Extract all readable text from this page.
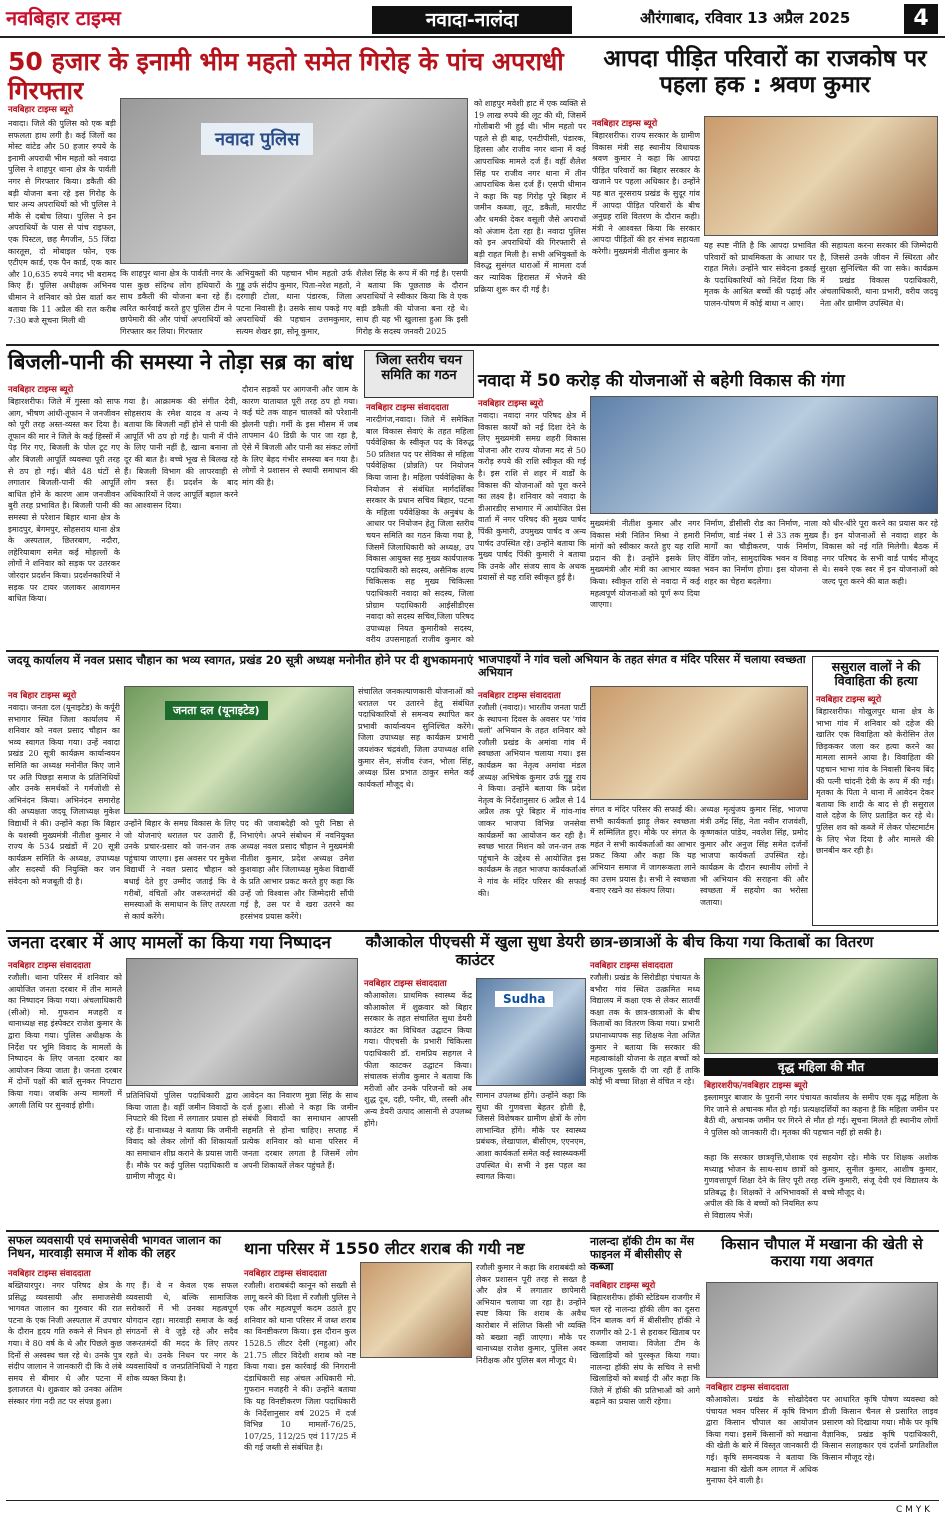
नवबिहार टाइम्स	नवादा-नालंदा	औरंगाबाद, रविवार 13 अप्रैल 2025	4
50 हजार के इनामी भीम महतो समेत गिरोह के पांच अपराधी गिरफ्तार
नवबिहार टाइम्स ब्यूरो
नवादा। जिले की पुलिस को एक बड़ी सफलता हाथ लगी है। कई जिलों का मोस्ट वांटेड और 50 हजार रुपये के इनामी अपराधी भीम महतो को नवादा पुलिस ने शाहपुर थाना क्षेत्र के पार्वती नगर से गिरफ्तार किया। डकैती की बड़ी योजना बना रहे इस गिरोह के चार अन्य अपराधियों को भी पुलिस ने मौके से दबोच लिया। पुलिस ने इन अपराधियों के पास से पांच राइफल, एक पिस्टल, छह मैगजीन, 55 जिंदा कारतूस, दो मोबाइल फोन, एक एटीएम कार्ड, एक पैन कार्ड, एक कार और 10,635 रुपये नगद भी बरामद किए हैं। पुलिस अधीक्षक अभिनव धीमान ने शनिवार को प्रेस वार्ता कर बताया कि 11 अप्रैल की रात करीब 7:30 बजे सूचना मिली थी
नवादा पुलिस
कि शाहपुर थाना क्षेत्र के पार्वती नगर के पास कुछ संदिग्ध लोग हथियारों के साथ डकैती की योजना बना रहे हैं। त्वरित कार्रवाई करते हुए पुलिस टीम ने छापेमारी की और पांचों अपराधियों को गिरफ्तार कर लिया। गिरफ्तार
अभियुक्तों की पहचान भीम महतो उर्फ गुड्डू उर्फ संदीप कुमार, पिता-नरेश महतो, दरगाही टोला, थाना पंडारक, जिला पटना निवासी है। उसके साथ पकड़े गए अपराधियों की पहचान उत्तमकुमार, सत्यम शेखर झा, सोनू कुमार,
शैलेश सिंह के रूप में की गई है। एसपी ने बताया कि पूछताछ के दौरान अपराधियों ने स्वीकार किया कि वे एक बड़ी डकैती की योजना बना रहे थे। साथ ही यह भी खुलासा हुआ कि इसी गिरोह के सदस्य जनवरी 2025
को शाहपुर मवेशी हाट में एक व्यक्ति से 19 लाख रुपये की लूट की थी, जिसमें गोलीबारी भी हुई थी। भीम महतो पर पहले से ही बाढ़, एनटीपीसी, पंडारक, हिलसा और राजीव नगर थाना में कई आपराधिक मामले दर्ज हैं। वहीं शैलेश सिंह पर राजीव नगर थाना में तीन आपराधिक केस दर्ज हैं। एसपी धीमान ने कहा कि यह गिरोह पूरे बिहार में जमीन कब्जा, लूट, डकैती, मारपीट और धमकी देकर वसूली जैसे अपराधों को अंजाम देता रहा है। नवादा पुलिस को इन अपराधियों की गिरफ्तारी से बड़ी राहत मिली है। सभी अभियुक्तों के विरुद्ध सुसंगत धाराओं में मामला दर्ज कर न्यायिक हिरासत में भेजने की प्रक्रिया शुरू कर दी गई है।
आपदा पीड़ित परिवारों का राजकोष पर पहला हक : श्रवण कुमार
नवबिहार टाइम्स ब्यूरो
बिहारशरीफ। राज्य सरकार के ग्रामीण विकास मंत्री सह स्थानीय विधायक श्रवण कुमार ने कहा कि आपदा पीड़ित परिवारों का बिहार सरकार के खजाने पर पहला अधिकार है। उन्होंने यह बात नूरसराय प्रखंड के सुदूर गांव में आपदा पीड़ित परिवारों के बीच अनुग्रह राशि वितरण के दौरान कही। मंत्री ने आश्वस्त किया कि सरकार आपदा पीड़ितों की हर संभव सहायता करेगी। मुख्यमंत्री नीतीश कुमार के
यह स्पष्ट नीति है कि आपदा प्रभावित परिवारों को प्राथमिकता के आधार पर राहत मिले। उन्होंने चार संवेदना इकाई के पदाधिकारियों को निर्देश दिया कि मृतक के आश्रित बच्चों की पढ़ाई और पालन-पोषण में कोई बाधा न आए।
की सहायता करना सरकार की जिम्मेदारी है, जिससे उनके जीवन में स्थिरता और सुरक्षा सुनिश्चित की जा सके। कार्यक्रम में प्रखंड विकास पदाधिकारी, अंचलाधिकारी, थाना प्रभारी, वरीय जदयू नेता और ग्रामीण उपस्थित थे।
बिजली-पानी की समस्या ने तोड़ा सब्र का बांध
नवबिहार टाइम्स ब्यूरो
बिहारशरीफ। जिले में गुस्सा को साफ आग, भीषण आंधी-तूफान ने जनजीवन को पूरी तरह अस्त-व्यस्त कर दिया है। तूफान की मार ने जिले के कई हिस्सों में पेड़ गिर गए, बिजली के पोल टूट गए और बिजली आपूर्ति व्यवस्था पूरी तरह से ठप हो गई। बीते 48 घंटों से लगातार बिजली-पानी की आपूर्ति बाधित होने के कारण आम जनजीवन बुरी तरह प्रभावित है। बिजली पानी की समस्या से परेशान बिहार थाना क्षेत्र के इमादपुर, बेगमपुर, सोहसराय थाना क्षेत्र के अस्पताल, छितरबाग, नदौरा, लहेरियाबाग समेत कई मोहल्लों के लोगों ने शनिवार को सड़क पर उतरकर जोरदार प्रदर्शन किया। प्रदर्शनकारियों ने सड़क पर टायर जलाकर आवागमन बाधित किया।
गया है। आक्रामक की संगीत देवी, सोहसराय के रमेश यादव व अन्य ने बताया कि बिजली नहीं होने से पानी की आपूर्ति भी ठप हो गई है। पानी में पीने के लिए पानी नहीं है, खाना बनाना तो दूर की बात है। बच्चे भूख से बिलख रहे हैं। बिजली विभाग की लापरवाही से लोग त्रस्त हैं। प्रदर्शन के बाद अधिकारियों ने जल्द आपूर्ति बहाल करने का आश्वासन दिया।
दौरान सड़कों पर आगजनी और जाम के कारण यातायात पूरी तरह ठप हो गया। कई घंटे तक वाहन चालकों को परेशानी झेलनी पड़ी। गर्मी के इस मौसम में जब तापमान 40 डिग्री के पार जा रहा है, ऐसे में बिजली और पानी का संकट लोगों के लिए बेहद गंभीर समस्या बन गया है। लोगों ने प्रशासन से स्थायी समाधान की मांग की है।
जिला स्तरीय चयन समिति का गठन
नवबिहार टाइम्स संवाददाता
नारदीगंज,नवादा। जिले में समेकित बाल विकास सेवाएं के तहत महिला पर्यवेक्षिका के स्वीकृत पद के विरुद्ध 50 प्रतिशत पद पर सेविका से महिला पर्यवेक्षिका (प्रोन्नति) पर नियोजन किया जाना है। महिला पर्यवेक्षिका के नियोजन से संबंधित मार्गदर्शिका सरकार के प्रधान सचिव बिहार, पटना के महिला पर्यवेक्षिका के अनुबंध के आधार पर नियोजन हेतु जिला स्तरीय चयन समिति का गठन किया गया है, जिसमें जिलाधिकारी को अध्यक्ष, उप विकास आयुक्त सह मुख्य कार्यपालक पदाधिकारी को सदस्य, असैनिक शल्य चिकित्सक सह मुख्य चिकित्सा पदाधिकारी नवादा को सदस्य, जिला प्रोग्राम पदाधिकारी आईसीडीएस नवादा को सदस्य सचिव,जिला परिषद उपाध्यक्ष नियत कुमारीको सदस्य, वरीय उपसमाहर्ता राजीव कुमार को
नवादा में 50 करोड़ की योजनाओं से बहेगी विकास की गंगा
नवबिहार टाइम्स ब्यूरो
नवादा। नवादा नगर परिषद क्षेत्र में विकास कार्यों को नई दिशा देने के लिए मुख्यमंत्री समग्र शहरी विकास योजना और राज्य योजना मद से 50 करोड़ रुपये की राशि स्वीकृत की गई है। इस राशि से शहर में वार्डों के विकास की योजनाओं को पूरा करने का लक्ष्य है। शनिवार को नवादा के डीआरडीए सभागार में आयोजित प्रेस वार्ता में नगर परिषद की मुख्य पार्षद पिंकी कुमारी, उपमुख्य पार्षद व अन्य पार्षद उपस्थित रहे। उन्होंने बताया कि मुख्य पार्षद पिंकी कुमारी ने बताया कि उनके और संजय साव के अथक प्रयासों से यह राशि स्वीकृत हुई है।
मुख्यमंत्री नीतीश कुमार और नगर विकास मंत्री नितिन मिश्रा ने हमारी मांगों को स्वीकार करते हुए यह राशि प्रदान की है। उन्होंने इसके लिए मुख्यमंत्री और मंत्री का आभार व्यक्त किया। स्वीकृत राशि से नवादा में कई महत्वपूर्ण योजनाओं को पूर्ण रूप दिया जाएगा।
निर्माण, डीसीसी रोड का निर्माण, नाला निर्माण, वार्ड नंबर 1 से 33 तक मुख्य मार्गों का चौड़ीकरण, पार्क निर्माण, वेंडिंग जोन, सामुदायिक भवन व विवाह भवन का निर्माण होगा। इस योजना से शहर का चेहरा बदलेगा।
को धीर-धीरे पूरा करने का प्रयास कर रहे हैं। इन योजनाओं से नवादा शहर के विकास को नई गति मिलेगी। बैठक में नगर परिषद के सभी वार्ड पार्षद मौजूद थे। सबने एक स्वर में इन योजनाओं को जल्द पूरा करने की बात कही।
जदयू कार्यालय में नवल प्रसाद चौहान का भव्य स्वागत, प्रखंड 20 सूत्री अध्यक्ष मनोनीत होने पर दी शुभकामनाएं
नव बिहार टाइम्स ब्यूरो
नवादा। जनता दल (यूनाइटेड) के कर्पूरी सभागार स्थित जिला कार्यालय में शनिवार को नवल प्रसाद चौहान का भव्य स्वागत किया गया। उन्हें नवादा प्रखंड 20 सूत्री कार्यक्रम कार्यान्वयन समिति का अध्यक्ष मनोनीत किए जाने पर अति पिछड़ा समाज के प्रतिनिधियों और उनके समर्थकों ने गर्मजोशी से अभिनंदन किया। अभिनंदन समारोह की अध्यक्षता जदयू जिलाध्यक्ष मुकेश विद्यार्थी ने की। उन्होंने कहा कि बिहार के यशस्वी मुख्यमंत्री नीतीश कुमार ने राज्य के 534 प्रखंडों में 20 सूत्री कार्यक्रम समिति के अध्यक्ष, उपाध्यक्ष और सदस्यों की नियुक्ति कर जन संवेदना को मजबूती दी है।
जनता दल (यूनाइटेड)
उन्होंने बिहार के समग्र विकास के लिए जो योजनाएं धरातल पर उतारी हैं, उनके प्रचार-प्रसार को जन-जन तक पहुंचाया जाएगा। इस अवसर पर मुकेश विद्यार्थी ने नवल प्रसाद चौहान को बधाई देते हुए उम्मीद जताई कि वे गरीबों, वंचितों और जरूरतमंदों की समस्याओं के समाधान के लिए तत्परता से कार्य करेंगे।
पद की जवाबदेही को पूरी निष्ठा से निभाएंगे। अपने संबोधन में नवनियुक्त अध्यक्ष नवल प्रसाद चौहान ने मुख्यमंत्री नीतीश कुमार, प्रदेश अध्यक्ष उमेश कुशवाहा और जिलाध्यक्ष मुकेश विद्यार्थी के प्रति आभार प्रकट करते हुए कहा कि उन्हें जो विश्वास और जिम्मेदारी सौंपी गई है, उस पर वे खरा उतरने का हरसंभव प्रयास करेंगे।
संचालित जनकल्याणकारी योजनाओं को धरातल पर उतारने हेतु संबंधित पदाधिकारियों से समन्वय स्थापित कर प्रभावी कार्यान्वयन सुनिश्चित करेंगे। जिला उपाध्यक्ष सह कार्यक्रम प्रभारी जयशंकर चंद्रवंशी, जिला उपाध्यक्ष शशि कुमार सेन, संजीव रंजन, भोला सिंह, अध्यक्ष प्रिंस प्रभात ठाकुर समेत कई कार्यकर्ता मौजूद थे।
भाजपाइयों ने गांव चलो अभियान के तहत संगत व मंदिर परिसर में चलाया स्वच्छता अभियान
नवबिहार टाइम्स संवाददाता
रजौली (नवादा)। भारतीय जनता पार्टी के स्थापना दिवस के अवसर पर 'गांव चलो' अभियान के तहत शनिवार को रजौली प्रखंड के अमांवा गांव में स्वच्छता अभियान चलाया गया। इस कार्यक्रम का नेतृत्व अमांवा मंडल अध्यक्ष अभिषेक कुमार उर्फ गुड्डू राय ने किया। उन्होंने बताया कि प्रदेश नेतृत्व के निर्देशानुसार 6 अप्रैल से 14 अप्रैल तक पूरे बिहार में गांव-गांव जाकर भाजपा विभिन्न जनसेवा कार्यक्रमों का आयोजन कर रही है। स्वच्छ भारत मिशन को जन-जन तक पहुंचाने के उद्देश्य से आयोजित इस कार्यक्रम के तहत भाजपा कार्यकर्ताओं ने गांव के मंदिर परिसर की सफाई की।
संगत व मंदिर परिसर की सफाई की। सभी कार्यकर्ता झाड़ू लेकर स्वच्छता में सम्मिलित हुए। मौके पर संगत के महंत ने सभी कार्यकर्ताओं का आभार प्रकट किया और कहा कि यह अभियान समाज में जागरूकता लाने का उत्तम प्रयास है। सभी ने स्वच्छता बनाए रखने का संकल्प लिया।
अध्यक्ष मृत्युंजय कुमार सिंह, भाजपा मंत्री उमेंद्र सिंह, नेता नवीन राजवंशी, कृष्णकांत पांडेय, नवलेश सिंह, प्रमोद कुमार और अनुज सिंह समेत दर्जनों भाजपा कार्यकर्ता उपस्थित रहे। कार्यक्रम के दौरान स्थानीय लोगों ने भी अभियान की सराहना की और स्वच्छता में सहयोग का भरोसा जताया।
ससुराल वालों ने की विवाहिता की हत्या
नवबिहार टाइम्स ब्यूरो
बिहारशरीफ। गोखुलपुर थाना क्षेत्र के भाभा गांव में शनिवार को दहेज की खातिर एक विवाहिता को केरोसिन तेल छिड़ककर जला कर हत्या करने का मामला सामने आया है। विवाहिता की पहचान भाभा गांव के निवासी बिनय बिंद की पत्नी चांदनी देवी के रूप में की गई। मृतका के पिता ने थाना में आवेदन देकर बताया कि शादी के बाद से ही ससुराल वाले दहेज के लिए प्रताड़ित कर रहे थे। पुलिस शव को कब्जे में लेकर पोस्टमार्टम के लिए भेज दिया है और मामले की छानबीन कर रही है।
जनता दरबार में आए मामलों का किया गया निष्पादन
नवबिहार टाइम्स संवाददाता
रजौली। थाना परिसर में शनिवार को आयोजित जनता दरबार में तीन मामले का निष्पादन किया गया। अंचलाधिकारी (सीओ) मो. गुफरान मजहरी व थानाध्यक्ष सह इंस्पेक्टर राजेश कुमार के द्वारा किया गया। पुलिस अधीक्षक के निर्देश पर भूमि विवाद के मामलों के निष्पादन के लिए जनता दरबार का आयोजन किया जाता है। जनता दरबार में दोनों पक्षों की बातें सुनकर निपटारा किया गया। जबकि अन्य मामलों में अगली तिथि पर सुनवाई होगी।
प्रतिनिधियों पुलिस पदाधिकारी द्वारा किया जाता है। वहीं जमीन विवादों के निपटारे की दिशा में लगातार प्रयास हो रहे हैं। थानाध्यक्ष ने बताया कि जमीनी विवाद को लेकर लोगों की शिकायतों का समाधान शीघ्र कराने के प्रयास जारी हैं। मौके पर कई पुलिस पदाधिकारी व ग्रामीण मौजूद थे।
आवेदन का निवारण मुन्ना सिंह के साथ दर्ज हुआ। सीओ ने कहा कि जमीन संबंधी विवादों का समाधान आपसी सहमति से होना चाहिए। सप्ताह में प्रत्येक शनिवार को थाना परिसर में जनता दरबार लगता है जिसमें लोग अपनी शिकायतें लेकर पहुंचते हैं।
कौआकोल पीएचसी में खुला सुधा डेयरी काउंटर
नवबिहार टाइम्स संवाददाता
कौआकोल। प्राथमिक स्वास्थ्य केंद्र कौआकोल में शुक्रवार को बिहार सरकार के तहत संचालित सुधा डेयरी काउंटर का विधिवत उद्घाटन किया गया। पीएचसी के प्रभारी चिकित्सा पदाधिकारी डॉ. रामप्रिय सहगल ने फीता काटकर उद्घाटन किया। संचालक संजीव कुमार ने बताया कि मरीजों और उनके परिजनों को अब शुद्ध दूध, दही, पनीर, घी, लस्सी और अन्य डेयरी उत्पाद आसानी से उपलब्ध होंगे।
Sudha
सामान उपलब्ध होंगे। उन्होंने कहा कि सुधा की गुणवत्ता बेहतर होती है, जिससे विशेषकर ग्रामीण क्षेत्रों के लोग लाभान्वित होंगे। मौके पर स्वास्थ्य प्रबंधक, लेखापाल, बीसीएम, एएनएम, आशा कार्यकर्ता समेत कई स्वास्थ्यकर्मी उपस्थित थे। सभी ने इस पहल का स्वागत किया।
छात्र-छात्राओं के बीच किया गया किताबों का वितरण
नवबिहार टाइम्स संवाददाता
रजौली। प्रखंड के सिरोडीहा पंचायत के बभौरा गांव स्थित उत्क्रमित मध्य विद्यालय में कक्षा एक से लेकर सातवीं कक्षा तक के छात्र-छात्राओं के बीच किताबों का वितरण किया गया। प्रभारी प्रधानाध्यापक सह शिक्षक नेता अजित कुमार ने बताया कि सरकार की महत्वाकांक्षी योजना के तहत बच्चों को निःशुल्क पुस्तकें दी जा रही हैं ताकि कोई भी बच्चा शिक्षा से वंचित न रहे।
वृद्ध महिला की मौत
बिहारशरीफ/नवबिहार टाइम्स ब्यूरो
इस्लामपुर बाजार के पुरानी नगर पंचायत कार्यालय के समीप एक वृद्ध महिला के गिर जाने से अचानक मौत हो गई। प्रत्यक्षदर्शियों का कहना है कि महिला जमीन पर बैठी थी, अचानक जमीन पर गिरने से मौत हो गई। सूचना मिलते ही स्थानीय लोगों ने पुलिस को जानकारी दी। मृतका की पहचान नहीं हो सकी है।
कहा कि सरकार छात्रवृत्ति,पोशाक एवं मध्याह्न भोजन के साथ-साथ छात्रों को गुणवत्तापूर्ण शिक्षा देने के लिए पूरी तरह प्रतिबद्ध है। शिक्षकों ने अभिभावकों से अपील की कि वे बच्चों को नियमित रूप से विद्यालय भेजें।
सहयोग रहे। मौके पर शिक्षक अशोक कुमार, सुनील कुमार, आशीष कुमार, रश्मि कुमारी, संजू देवी एवं विद्यालय के बच्चे मौजूद थे।
सफल व्यवसायी एवं समाजसेवी भागवत जालान का निधन, मारवाड़ी समाज में शोक की लहर
नवबिहार टाइम्स संवाददाता
बख्तियारपुर। नगर परिषद क्षेत्र के प्रसिद्ध व्यवसायी और समाजसेवी भागवत जालान का गुरुवार की रात पटना के एक निजी अस्पताल में उपचार के दौरान हृदय गति रुकने से निधन हो गया। वे 80 वर्ष के थे और पिछले कुछ दिनों से अस्वस्थ चल रहे थे। उनके पुत्र संदीप जालान ने जानकारी दी कि वे लंबे समय से बीमार थे और पटना में इलाजरत थे। शुक्रवार को उनका अंतिम संस्कार गंगा नदी तट पर संपन्न हुआ।
गए हैं। वे न केवल एक सफल व्यवसायी थे, बल्कि सामाजिक सरोकारों में भी उनका महत्वपूर्ण योगदान रहा। मारवाड़ी समाज के कई संगठनों से वे जुड़े रहे और सदैव जरूरतमंदों की मदद के लिए तत्पर रहते थे। उनके निधन पर नगर के व्यवसायियों व जनप्रतिनिधियों ने गहरा शोक व्यक्त किया है।
थाना परिसर में 1550 लीटर शराब की गयी नष्ट
नवबिहार टाइम्स संवाददाता
रजौली। शराबबंदी कानून को सख्ती से लागू करने की दिशा में रजौली पुलिस ने एक और महत्वपूर्ण कदम उठाते हुए शनिवार को थाना परिसर में जब्त शराब का विनष्टीकरण किया। इस दौरान कुल 1528.5 लीटर देसी (महुआ) और 21.75 लीटर विदेशी शराब को नष्ट किया गया। इस कार्रवाई की निगरानी दंडाधिकारी सह अंचल अधिकारी मो. गुफरान मजहरी ने की। उन्होंने बताया कि यह विनष्टीकरण जिला पदाधिकारी के निर्देशानुसार वर्ष 2025 में दर्ज विभिन्न 10 मामलों-76/25, 107/25, 112/25 एवं 117/25 में की गई जब्ती से संबंधित है।
रजौली कुमार ने कहा कि शराबबंदी को लेकर प्रशासन पूरी तरह से सख्त है और क्षेत्र में लगातार छापेमारी अभियान चलाया जा रहा है। उन्होंने स्पष्ट किया कि शराब के अवैध कारोबार में संलिप्त किसी भी व्यक्ति को बख्शा नहीं जाएगा। मौके पर थानाध्यक्ष राजेश कुमार, पुलिस अवर निरीक्षक और पुलिस बल मौजूद थे।
नालन्दा हॉकी टीम का मेंस फाइनल में बीसीसीए से कब्जा
नवबिहार टाइम्स ब्यूरो
बिहारशरीफ। हॉकी स्टेडियम राजगीर में चल रहे नालन्दा हॉकी लीग का दूसरा दिन बालक वर्ग में बीसीसीए हॉकी ने राजगीर को 2-1 से हराकर खिताब पर कब्जा जमाया। विजेता टीम के खिलाड़ियों को पुरस्कृत किया गया। नालन्दा हॉकी संघ के सचिव ने सभी खिलाड़ियों को बधाई दी और कहा कि जिले में हॉकी की प्रतिभाओं को आगे बढ़ाने का प्रयास जारी रहेगा।
किसान चौपाल में मखाना की खेती से कराया गया अवगत
नवबिहार टाइम्स संवाददाता
कौआकोल। प्रखंड के सोखोदेवरा पंचायत भवन परिसर में कृषि विभाग द्वारा किसान चौपाल का आयोजन किया गया। इसमें किसानों को मखाना की खेती के बारे में विस्तृत जानकारी दी गई। कृषि समन्वयक ने बताया कि मखाना की खेती कम लागत में अधिक मुनाफा देने वाली है।
पर आधारित कृषि पोषण व्यवस्था को डीजी किसान चैनल से प्रसारित लाइव प्रसारण को दिखाया गया। मौके पर कृषि वैज्ञानिक, प्रखंड कृषि पदाधिकारी, किसान सलाहकार एवं दर्जनों प्रगतिशील किसान मौजूद रहे।
C M Y K
